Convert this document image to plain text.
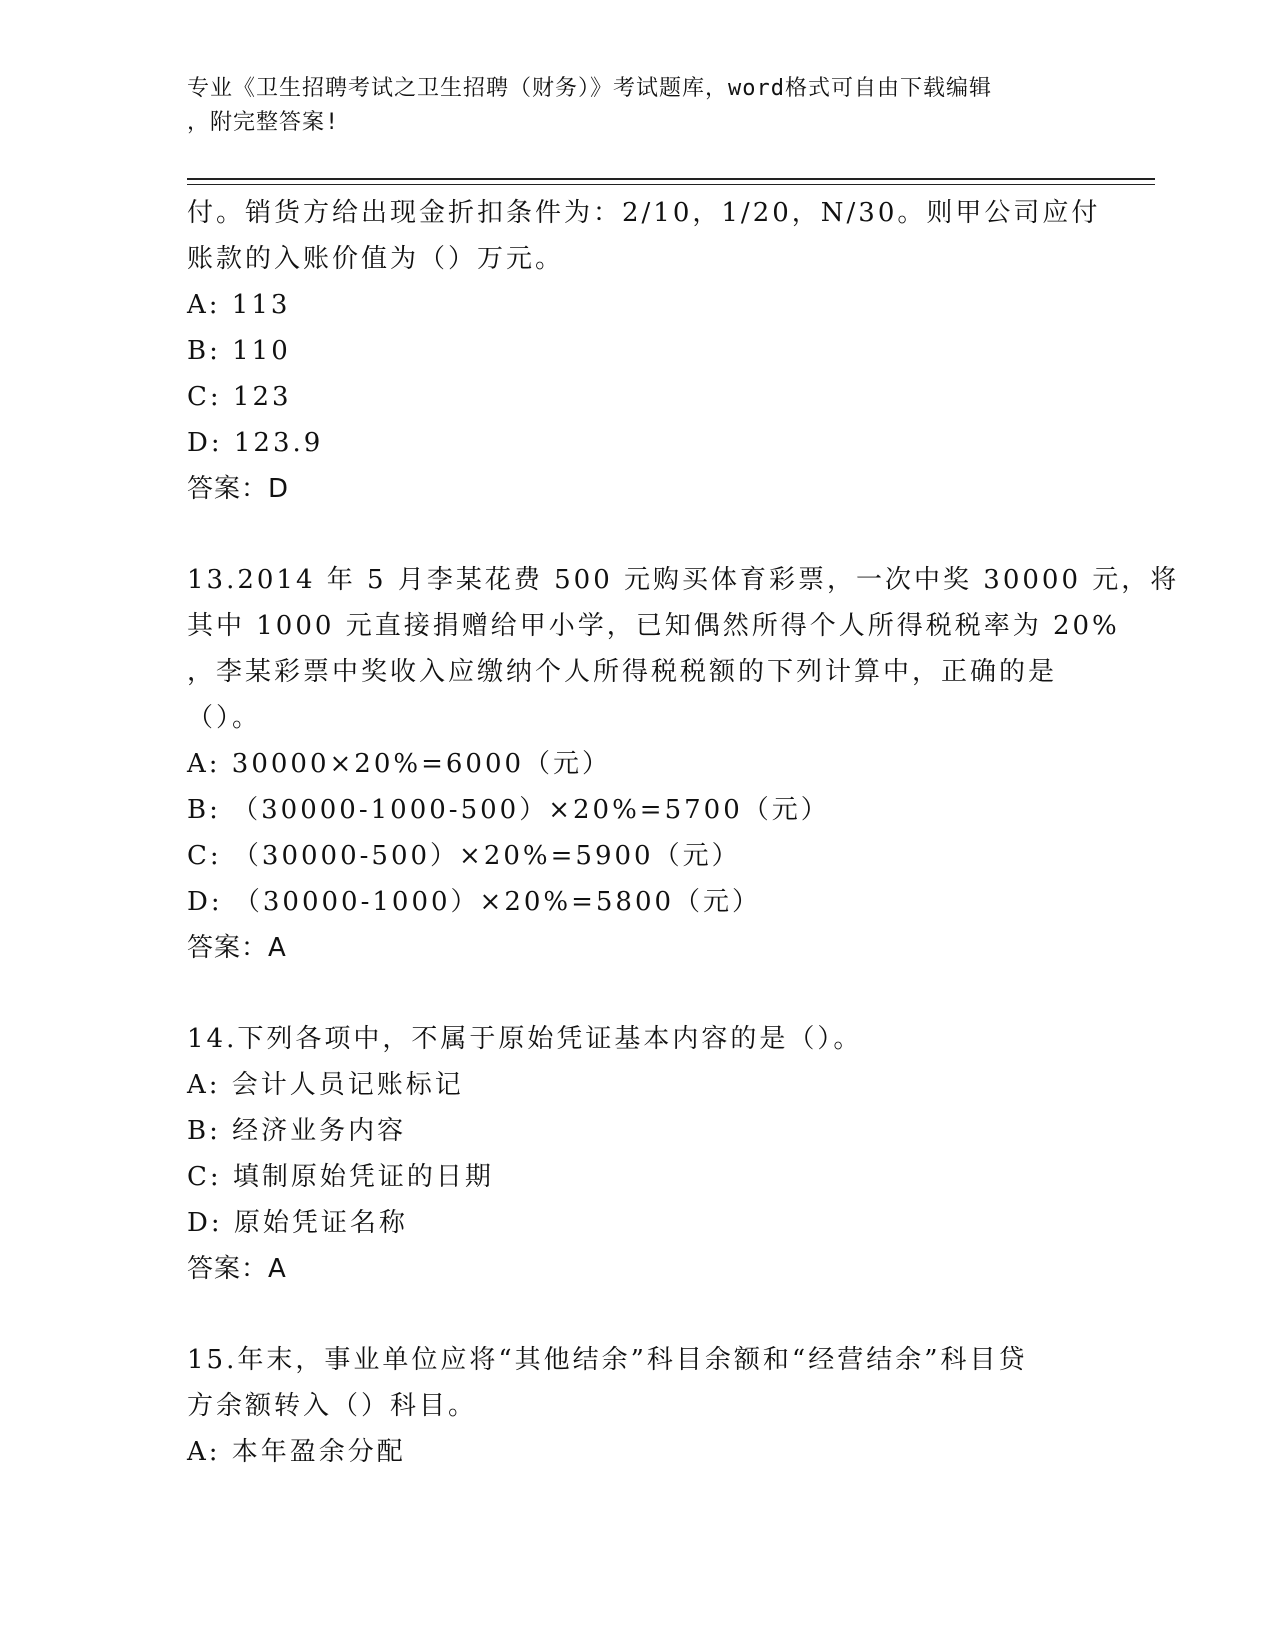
专业《卫生招聘考试之卫生招聘（财务）》考试题库，word格式可自由下载编辑
，附完整答案!
付。销货方给出现金折扣条件为：2/10，1/20，N/30。则甲公司应付
账款的入账价值为（）万元。
A: 113
B: 110
C: 123
D: 123.9
答案：D
13.2014 年 5 月李某花费 500 元购买体育彩票，一次中奖 30000 元，将
其中 1000 元直接捐赠给甲小学，已知偶然所得个人所得税税率为 20%
，李某彩票中奖收入应缴纳个人所得税税额的下列计算中，正确的是
（）。
A: 30000×20%=6000（元）
B: （30000-1000-500）×20%=5700（元）
C: （30000-500）×20%=5900（元）
D: （30000-1000）×20%=5800（元）
答案：A
14.下列各项中，不属于原始凭证基本内容的是（）。
A: 会计人员记账标记
B: 经济业务内容
C: 填制原始凭证的日期
D: 原始凭证名称
答案：A
15.年末，事业单位应将“其他结余”科目余额和“经营结余”科目贷
方余额转入（）科目。
A: 本年盈余分配
